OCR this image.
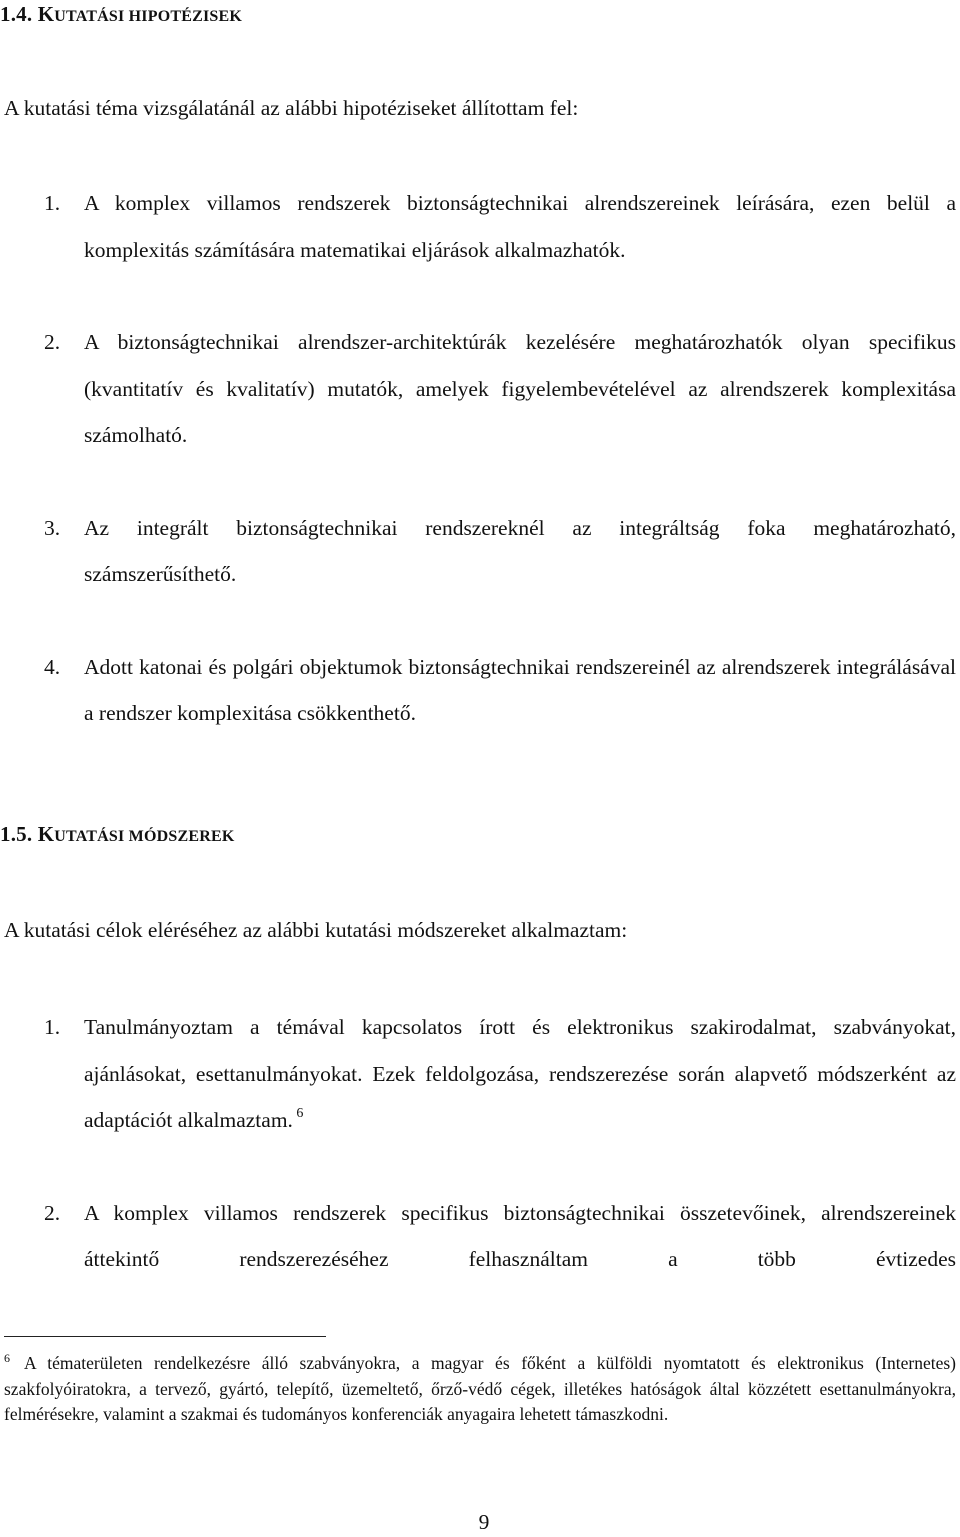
1.4. KUTATÁSI HIPOTÉZISEK
A kutatási téma vizsgálatánál az alábbi hipotéziseket állítottam fel:
1. A komplex villamos rendszerek biztonságtechnikai alrendszereinek leírására, ezen belül a komplexitás számítására matematikai eljárások alkalmazhatók.
2. A biztonságtechnikai alrendszer-architektúrák kezelésére meghatározhatók olyan specifikus (kvantitatív és kvalitatív) mutatók, amelyek figyelembevételével az alrendszerek komplexitása számolható.
3. Az integrált biztonságtechnikai rendszereknél az integráltság foka meghatározható, számszerűsíthető.
4. Adott katonai és polgári objektumok biztonságtechnikai rendszereinél az alrendszerek integrálásával a rendszer komplexitása csökkenthető.
1.5. KUTATÁSI MÓDSZEREK
A kutatási célok eléréséhez az alábbi kutatási módszereket alkalmaztam:
1. Tanulmányoztam a témával kapcsolatos írott és elektronikus szakirodalmat, szabványokat, ajánlásokat, esettanulmányokat. Ezek feldolgozása, rendszerezése során alapvető módszerként az adaptációt alkalmaztam. $^6$
2. A komplex villamos rendszerek specifikus biztonságtechnikai összetevőinek, alrendszereinek áttekintő rendszerezéséhez felhasználtam a több évtizedes
$^6$ A tématerületen rendelkezésre álló szabványokra, a magyar és főként a külföldi nyomtatott és elektronikus (Internetes) szakfolyóiratokra, a tervező, gyártó, telepítő, üzemeltető, őrző-védő cégek, illetékes hatóságok által közzétett esettanulmányokra, felmérésekre, valamint a szakmai és tudományos konferenciák anyagaira lehetett támaszkodni.
9
